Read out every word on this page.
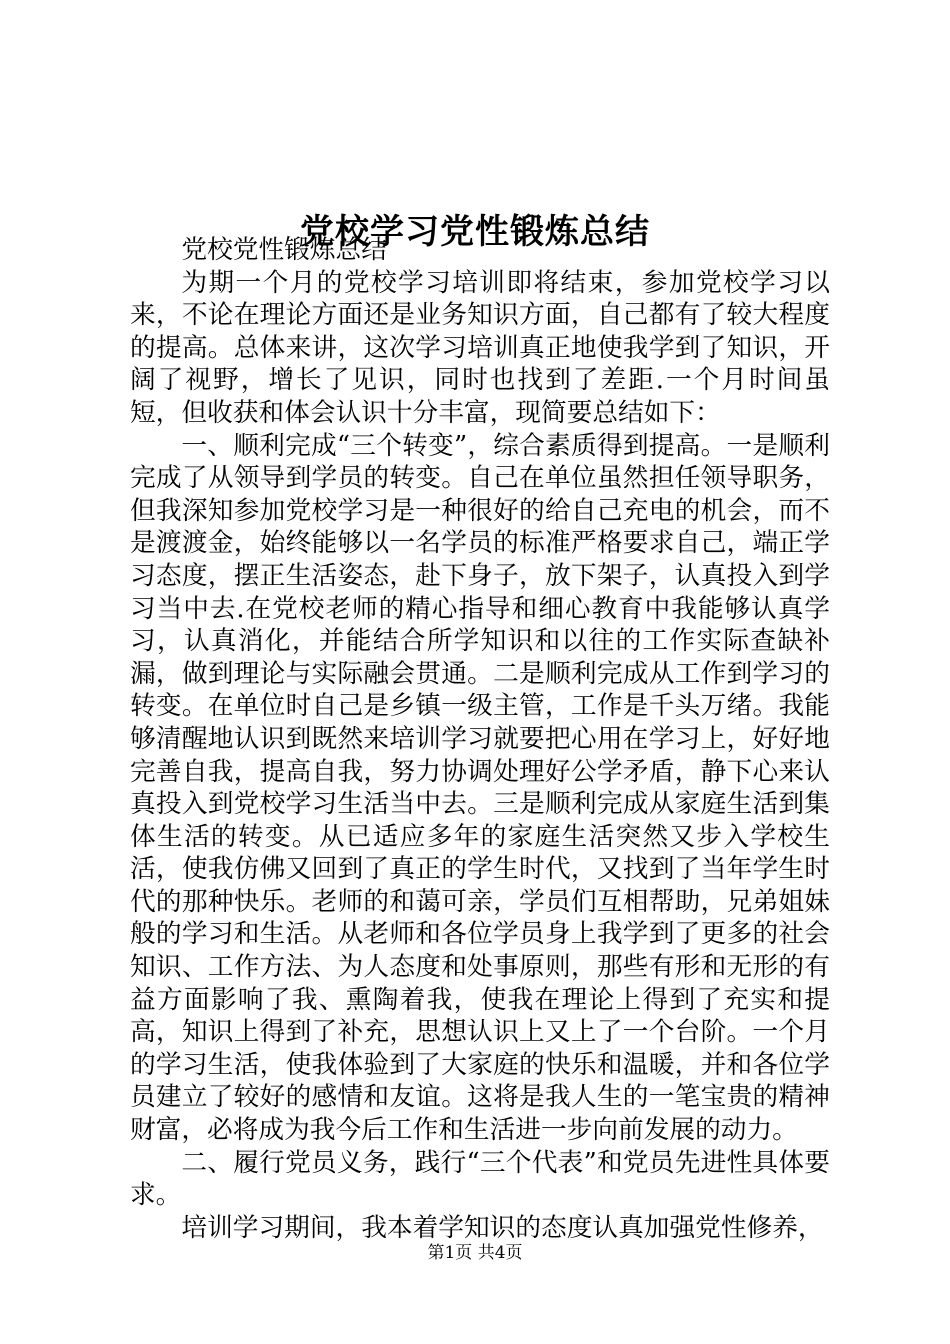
党校学习党性锻炼总结

党校党性锻炼总结

为期一个月的党校学习培训即将结束，参加党校学习以来，不论在理论方面还是业务知识方面，自己都有了较大程度的提高。总体来讲，这次学习培训真正地使我学到了知识，开阔了视野，增长了见识，同时也找到了差距.一个月时间虽短，但收获和体会认识十分丰富，现简要总结如下：

一、顺利完成“三个转变”，综合素质得到提高。一是顺利完成了从领导到学员的转变。自己在单位虽然担任领导职务，但我深知参加党校学习是一种很好的给自己充电的机会，而不是渡渡金，始终能够以一名学员的标准严格要求自己，端正学习态度，摆正生活姿态，赴下身子，放下架子，认真投入到学习当中去.在党校老师的精心指导和细心教育中我能够认真学习，认真消化，并能结合所学知识和以往的工作实际查缺补漏，做到理论与实际融会贯通。二是顺利完成从工作到学习的转变。在单位时自己是乡镇一级主管，工作是千头万绪。我能够清醒地认识到既然来培训学习就要把心用在学习上，好好地完善自我，提高自我，努力协调处理好公学矛盾，静下心来认真投入到党校学习生活当中去。三是顺利完成从家庭生活到集体生活的转变。从已适应多年的家庭生活突然又步入学校生活，使我仿佛又回到了真正的学生时代，又找到了当年学生时代的那种快乐。老师的和蔼可亲，学员们互相帮助，兄弟姐妹般的学习和生活。从老师和各位学员身上我学到了更多的社会知识、工作方法、为人态度和处事原则，那些有形和无形的有益方面影响了我、熏陶着我，使我在理论上得到了充实和提高，知识上得到了补充，思想认识上又上了一个台阶。一个月的学习生活，使我体验到了大家庭的快乐和温暖，并和各位学员建立了较好的感情和友谊。这将是我人生的一笔宝贵的精神财富，必将成为我今后工作和生活进一步向前发展的动力。

二、履行党员义务，践行“三个代表”和党员先进性具体要求。

培训学习期间，我本着学知识的态度认真加强党性修养，

第1页 共4页
